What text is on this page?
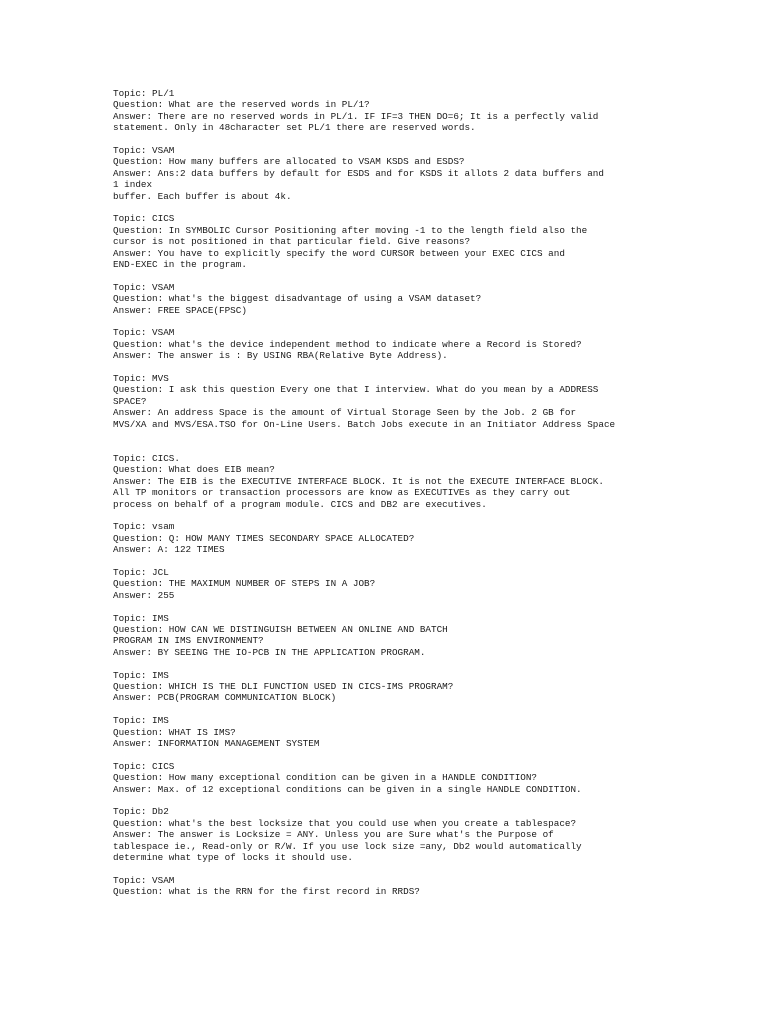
Topic: PL/1
Question: What are the reserved words in PL/1?
Answer: There are no reserved words in PL/1. IF IF=3 THEN DO=6; It is a perfectly valid
statement. Only in 48character set PL/1 there are reserved words.
Topic: VSAM
Question: How many buffers are allocated to VSAM KSDS and ESDS?
Answer: Ans:2 data buffers by default for ESDS and for KSDS it allots 2 data buffers and
1 index
buffer. Each buffer is about 4k.
Topic: CICS
Question: In SYMBOLIC Cursor Positioning after moving -1 to the length field also the
cursor is not positioned in that particular field. Give reasons?
Answer: You have to explicitly specify the word CURSOR between your EXEC CICS and
END-EXEC in the program.
Topic: VSAM
Question: what's the biggest disadvantage of using a VSAM dataset?
Answer: FREE SPACE(FPSC)
Topic: VSAM
Question: what's the device independent method to indicate where a Record is Stored?
Answer: The answer is : By USING RBA(Relative Byte Address).
Topic: MVS
Question: I ask this question Every one that I interview. What do you mean by a ADDRESS
SPACE?
Answer: An address Space is the amount of Virtual Storage Seen by the Job. 2 GB for
MVS/XA and MVS/ESA.TSO for On-Line Users. Batch Jobs execute in an Initiator Address Space
Topic: CICS.
Question: What does EIB mean?
Answer: The EIB is the EXECUTIVE INTERFACE BLOCK. It is not the EXECUTE INTERFACE BLOCK.
All TP monitors or transaction processors are know as EXECUTIVEs as they carry out
process on behalf of a program module. CICS and DB2 are executives.
Topic: vsam
Question: Q: HOW MANY TIMES SECONDARY SPACE ALLOCATED?
Answer: A: 122 TIMES
Topic: JCL
Question: THE MAXIMUM NUMBER OF STEPS IN A JOB?
Answer: 255
Topic: IMS
Question: HOW CAN WE DISTINGUISH BETWEEN AN ONLINE AND BATCH
PROGRAM IN IMS ENVIRONMENT?
Answer: BY SEEING THE IO-PCB IN THE APPLICATION PROGRAM.
Topic: IMS
Question: WHICH IS THE DLI FUNCTION USED IN CICS-IMS PROGRAM?
Answer: PCB(PROGRAM COMMUNICATION BLOCK)
Topic: IMS
Question: WHAT IS IMS?
Answer: INFORMATION MANAGEMENT SYSTEM
Topic: CICS
Question: How many exceptional condition can be given in a HANDLE CONDITION?
Answer: Max. of 12 exceptional conditions can be given in a single HANDLE CONDITION.
Topic: Db2
Question: what's the best locksize that you could use when you create a tablespace?
Answer: The answer is Locksize = ANY. Unless you are Sure what's the Purpose of
tablespace ie., Read-only or R/W. If you use lock size =any, Db2 would automatically
determine what type of locks it should use.
Topic: VSAM
Question: what is the RRN for the first record in RRDS?
